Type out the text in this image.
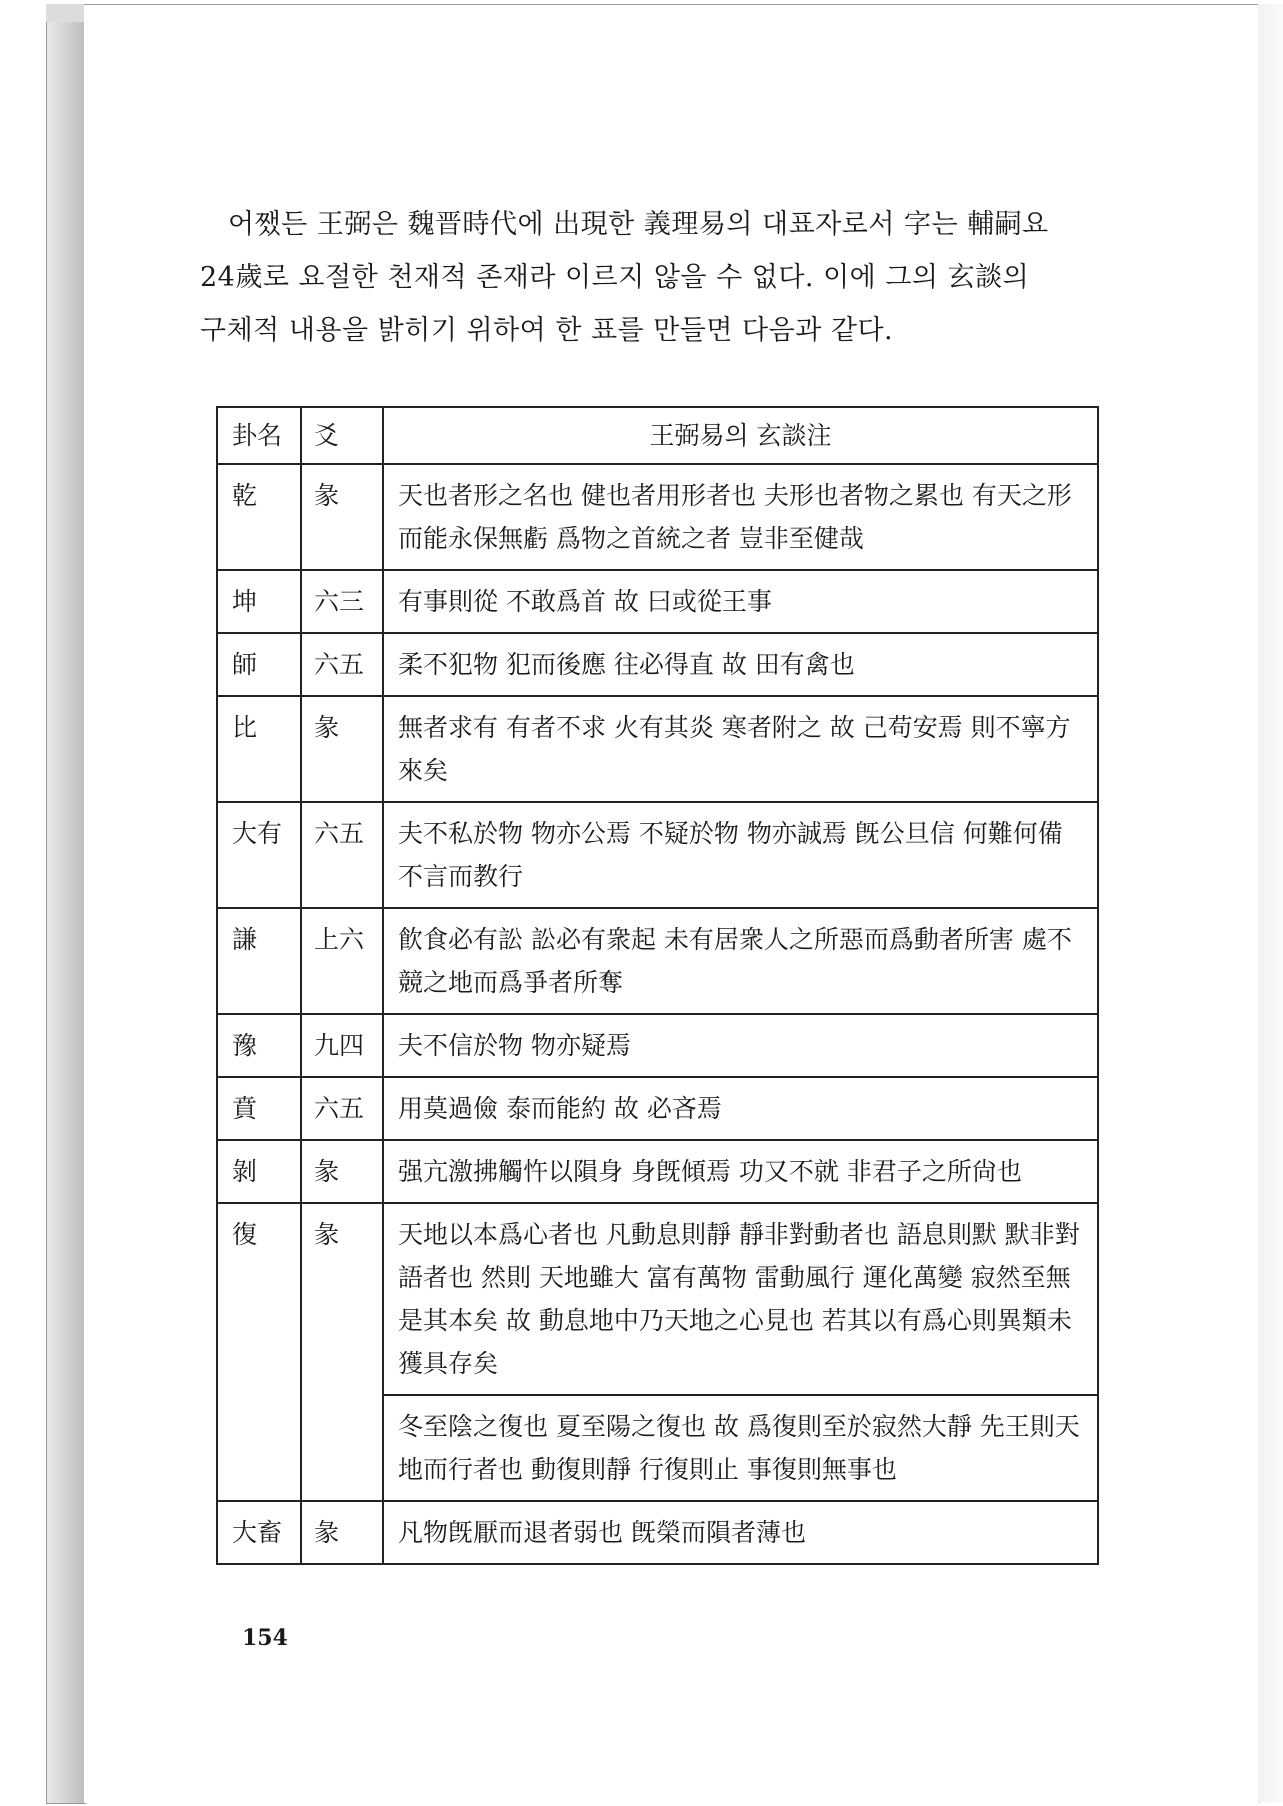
어쨌든 王弼은 魏晋時代에 出現한 義理易의 대표자로서 字는 輔嗣요

24歲로 요절한 천재적 존재라 이르지 않을 수 없다. 이에 그의 玄談의

구체적 내용을 밝히기 위하여 한 표를 만들면 다음과 같다.

卦名	爻	王弼易의 玄談注
乾	彖	天也者形之名也 健也者用形者也 夫形也者物之累也 有天之形而能永保無虧 爲物之首統之者 豈非至健哉
坤	六三	有事則從 不敢爲首 故 曰或從王事
師	六五	柔不犯物 犯而後應 往必得直 故 田有禽也
比	彖	無者求有 有者不求 火有其炎 寒者附之 故 己苟安焉 則不寧方來矣
大有	六五	夫不私於物 物亦公焉 不疑於物 物亦誠焉 旣公旦信 何難何備 不言而教行
謙	上六	飮食必有訟 訟必有衆起 未有居衆人之所惡而爲動者所害 處不競之地而爲爭者所奪
豫	九四	夫不信於物 物亦疑焉
賁	六五	用莫過儉 泰而能約 故 必吝焉
剝	彖	强亢激拂觸忤以隕身 身旣傾焉 功又不就 非君子之所尙也
復	彖	天地以本爲心者也 凡動息則靜 靜非對動者也 語息則默 默非對語者也 然則 天地雖大 富有萬物 雷動風行 運化萬變 寂然至無 是其本矣 故 動息地中乃天地之心見也 若其以有爲心則異類未獲具存矣
		冬至陰之復也 夏至陽之復也 故 爲復則至於寂然大靜 先王則天地而行者也 動復則靜 行復則止 事復則無事也
大畜	彖	凡物旣厭而退者弱也 旣榮而隕者薄也
154
